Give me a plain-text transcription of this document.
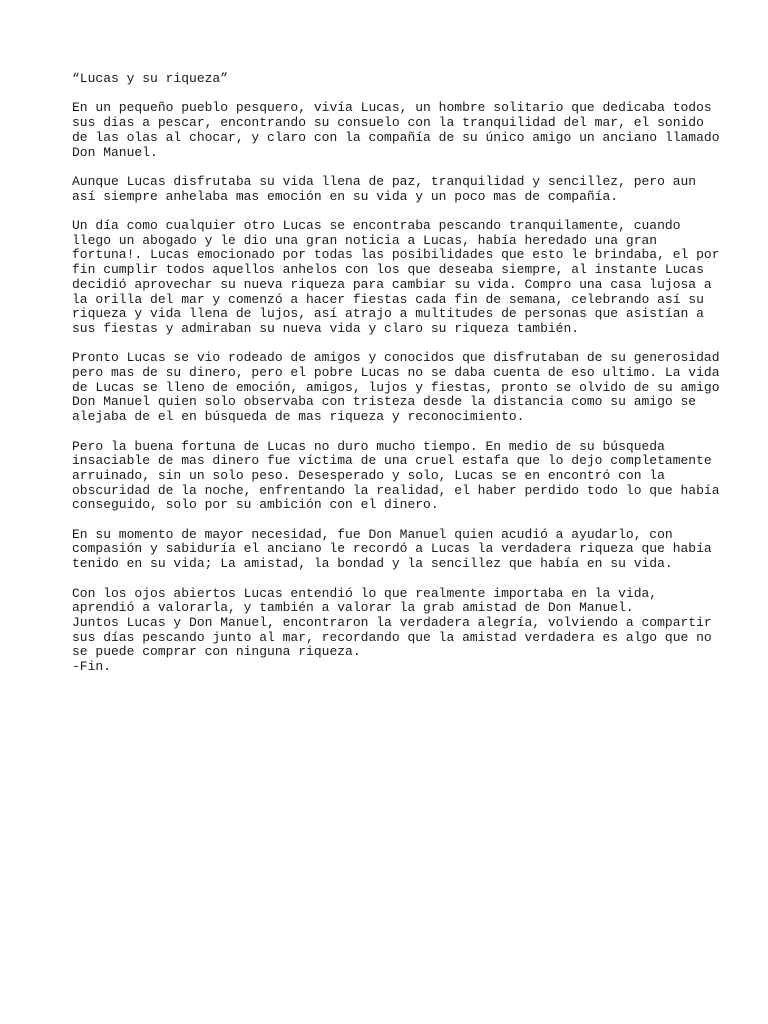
“Lucas y su riqueza”
En un pequeño pueblo pesquero, vivía Lucas, un hombre solitario que dedicaba todos
sus dias a pescar, encontrando su consuelo con la tranquilidad del mar, el sonido
de las olas al chocar, y claro con la compañía de su único amigo un anciano llamado
Don Manuel.
Aunque Lucas disfrutaba su vida llena de paz, tranquilidad y sencillez, pero aun
así siempre anhelaba mas emoción en su vida y un poco mas de compañía.
Un día como cualquier otro Lucas se encontraba pescando tranquilamente, cuando
llego un abogado y le dio una gran noticia a Lucas, había heredado una gran
fortuna!. Lucas emocionado por todas las posibilidades que esto le brindaba, el por
fin cumplir todos aquellos anhelos con los que deseaba siempre, al instante Lucas
decidió aprovechar su nueva riqueza para cambiar su vida. Compro una casa lujosa a
la orilla del mar y comenzó a hacer fiestas cada fin de semana, celebrando así su
riqueza y vida llena de lujos, así atrajo a multitudes de personas que asistían a
sus fiestas y admiraban su nueva vida y claro su riqueza también.
Pronto Lucas se vio rodeado de amigos y conocidos que disfrutaban de su generosidad
pero mas de su dinero, pero el pobre Lucas no se daba cuenta de eso ultimo. La vida
de Lucas se lleno de emoción, amigos, lujos y fiestas, pronto se olvido de su amigo
Don Manuel quien solo observaba con tristeza desde la distancia como su amigo se
alejaba de el en búsqueda de mas riqueza y reconocimiento.
Pero la buena fortuna de Lucas no duro mucho tiempo. En medio de su búsqueda
insaciable de mas dinero fue víctima de una cruel estafa que lo dejo completamente
arruinado, sin un solo peso. Desesperado y solo, Lucas se en encontró con la
obscuridad de la noche, enfrentando la realidad, el haber perdido todo lo que había
conseguido, solo por su ambición con el dinero.
En su momento de mayor necesidad, fue Don Manuel quien acudió a ayudarlo, con
compasión y sabiduría el anciano le recordó a Lucas la verdadera riqueza que había
tenido en su vida; La amistad, la bondad y la sencillez que había en su vida.
Con los ojos abiertos Lucas entendió lo que realmente importaba en la vida,
aprendió a valorarla, y también a valorar la grab amistad de Don Manuel.
Juntos Lucas y Don Manuel, encontraron la verdadera alegría, volviendo a compartir
sus días pescando junto al mar, recordando que la amistad verdadera es algo que no
se puede comprar con ninguna riqueza.
-Fin.
